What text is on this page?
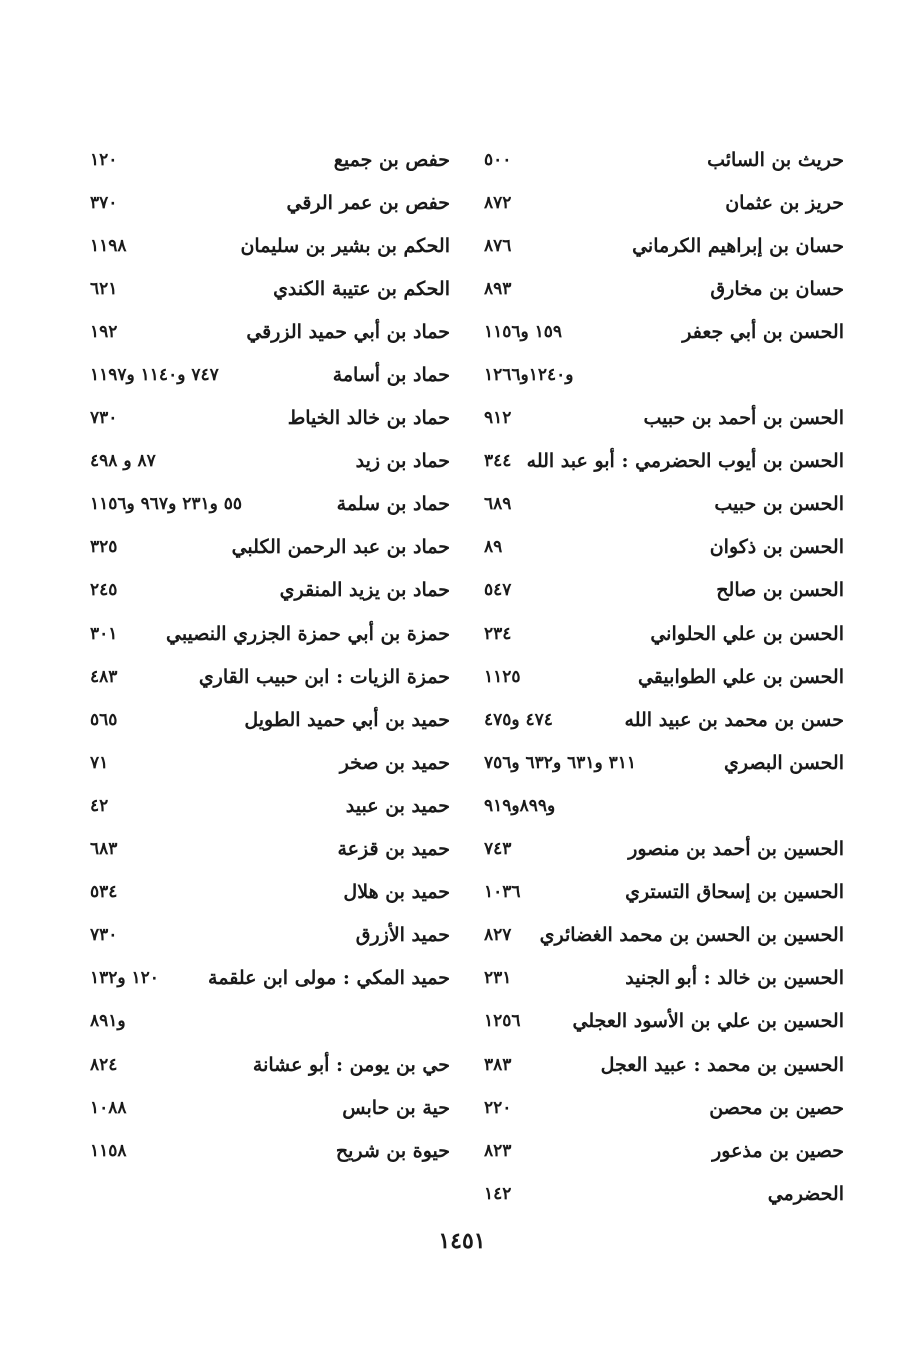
حريث بن السائب
٥٠٠
حريز بن عثمان
٨٧٢
حسان بن إبراهيم الكرماني
٨٧٦
حسان بن مخارق
٨٩٣
الحسن بن أبي جعفر
١٥٩ و١١٥٦
و١٢٤٠و١٢٦٦
الحسن بن أحمد بن حبيب
٩١٢
الحسن بن أيوب الحضرمي : أبو عبد الله
٣٤٤
الحسن بن حبيب
٦٨٩
الحسن بن ذكوان
٨٩
الحسن بن صالح
٥٤٧
الحسن بن علي الحلواني
٢٣٤
الحسن بن علي الطوابيقي
١١٢٥
حسن بن محمد بن عبيد الله
٤٧٤ و٤٧٥
الحسن البصري
٣١١ و٦٣١ و٦٣٢ و٧٥٦
و٨٩٩و٩١٩
الحسين بن أحمد بن منصور
٧٤٣
الحسين بن إسحاق التستري
١٠٣٦
الحسين بن الحسن بن محمد الغضائري
٨٢٧
الحسين بن خالد : أبو الجنيد
٢٣١
الحسين بن علي بن الأسود العجلي
١٢٥٦
الحسين بن محمد : عبيد العجل
٣٨٣
حصين بن محصن
٢٢٠
حصين بن مذعور
٨٢٣
الحضرمي
١٤٢
حفص بن جميع
١٢٠
حفص بن عمر الرقي
٣٧٠
الحكم بن بشير بن سليمان
١١٩٨
الحكم بن عتيبة الكندي
٦٢١
حماد بن أبي حميد الزرقي
١٩٢
حماد بن أسامة
٧٤٧ و١١٤٠ و١١٩٧
حماد بن خالد الخياط
٧٣٠
حماد بن زيد
٨٧ و ٤٩٨
حماد بن سلمة
٥٥ و٢٣١ و٩٦٧ و١١٥٦
حماد بن عبد الرحمن الكلبي
٣٢٥
حماد بن يزيد المنقري
٢٤٥
حمزة بن أبي حمزة الجزري النصيبي
٣٠١
حمزة الزيات : ابن حبيب القاري
٤٨٣
حميد بن أبي حميد الطويل
٥٦٥
حميد بن صخر
٧١
حميد بن عبيد
٤٢
حميد بن قزعة
٦٨٣
حميد بن هلال
٥٣٤
حميد الأزرق
٧٣٠
حميد المكي : مولى ابن علقمة
١٢٠ و١٣٢
و٨٩١
حي بن يومن : أبو عشانة
٨٢٤
حية بن حابس
١٠٨٨
حيوة بن شريح
١١٥٨
١٤٥١
